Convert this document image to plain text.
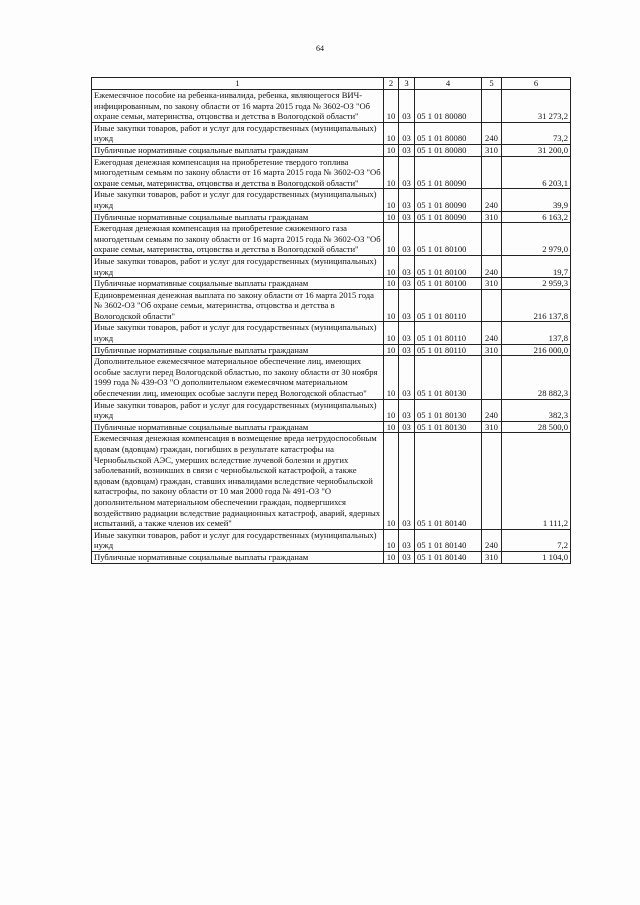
64
1	2	3	4	5	6
Ежемесячное пособие на ребенка-инвалида, ребенка, являющегося ВИЧ-инфицированным, по закону области от 16 марта 2015 года № 3602-ОЗ "Об охране семьи, материнства, отцовства и детства в Вологодской области"	10	03	05 1 01 80080		31 273,2
Иные закупки товаров, работ и услуг для государственных (муниципальных) нужд	10	03	05 1 01 80080	240	73,2
Публичные нормативные социальные выплаты гражданам	10	03	05 1 01 80080	310	31 200,0
Ежегодная денежная компенсация на приобретение твердого топлива многодетным семьям по закону области от 16 марта 2015 года № 3602-ОЗ "Об охране семьи, материнства, отцовства и детства в Вологодской области"	10	03	05 1 01 80090		6 203,1
Иные закупки товаров, работ и услуг для государственных (муниципальных) нужд	10	03	05 1 01 80090	240	39,9
Публичные нормативные социальные выплаты гражданам	10	03	05 1 01 80090	310	6 163,2
Ежегодная денежная компенсация на приобретение сжиженного газа многодетным семьям по закону области от 16 марта 2015 года № 3602-ОЗ "Об охране семьи, материнства, отцовства и детства в Вологодской области"	10	03	05 1 01 80100		2 979,0
Иные закупки товаров, работ и услуг для государственных (муниципальных) нужд	10	03	05 1 01 80100	240	19,7
Публичные нормативные социальные выплаты гражданам	10	03	05 1 01 80100	310	2 959,3
Единовременная денежная выплата по закону области от 16 марта 2015 года № 3602-ОЗ "Об охране семьи, материнства, отцовства и детства в Вологодской области"	10	03	05 1 01 80110		216 137,8
Иные закупки товаров, работ и услуг для государственных (муниципальных) нужд	10	03	05 1 01 80110	240	137,8
Публичные нормативные социальные выплаты гражданам	10	03	05 1 01 80110	310	216 000,0
Дополнительное ежемесячное материальное обеспечение лиц, имеющих особые заслуги перед Вологодской областью, по закону области от 30 ноября 1999 года № 439-ОЗ "О дополнительном ежемесячном материальном обеспечении лиц, имеющих особые заслуги перед Вологодской областью"	10	03	05 1 01 80130		28 882,3
Иные закупки товаров, работ и услуг для государственных (муниципальных) нужд	10	03	05 1 01 80130	240	382,3
Публичные нормативные социальные выплаты гражданам	10	03	05 1 01 80130	310	28 500,0
Ежемесячная денежная компенсация в возмещение вреда нетрудоспособным вдовам (вдовцам) граждан, погибших в результате катастрофы на Чернобыльской АЭС, умерших вследствие лучевой болезни и других заболеваний, возникших в связи с чернобыльской катастрофой, а также вдовам (вдовцам) граждан, ставших инвалидами вследствие чернобыльской катастрофы, по закону области от 10 мая 2000 года № 491-ОЗ "О дополнительном материальном обеспечении граждан, подвергшихся воздействию радиации вследствие радиационных катастроф, аварий, ядерных испытаний, а также членов их семей"	10	03	05 1 01 80140		1 111,2
Иные закупки товаров, работ и услуг для государственных (муниципальных) нужд	10	03	05 1 01 80140	240	7,2
Публичные нормативные социальные выплаты гражданам	10	03	05 1 01 80140	310	1 104,0
